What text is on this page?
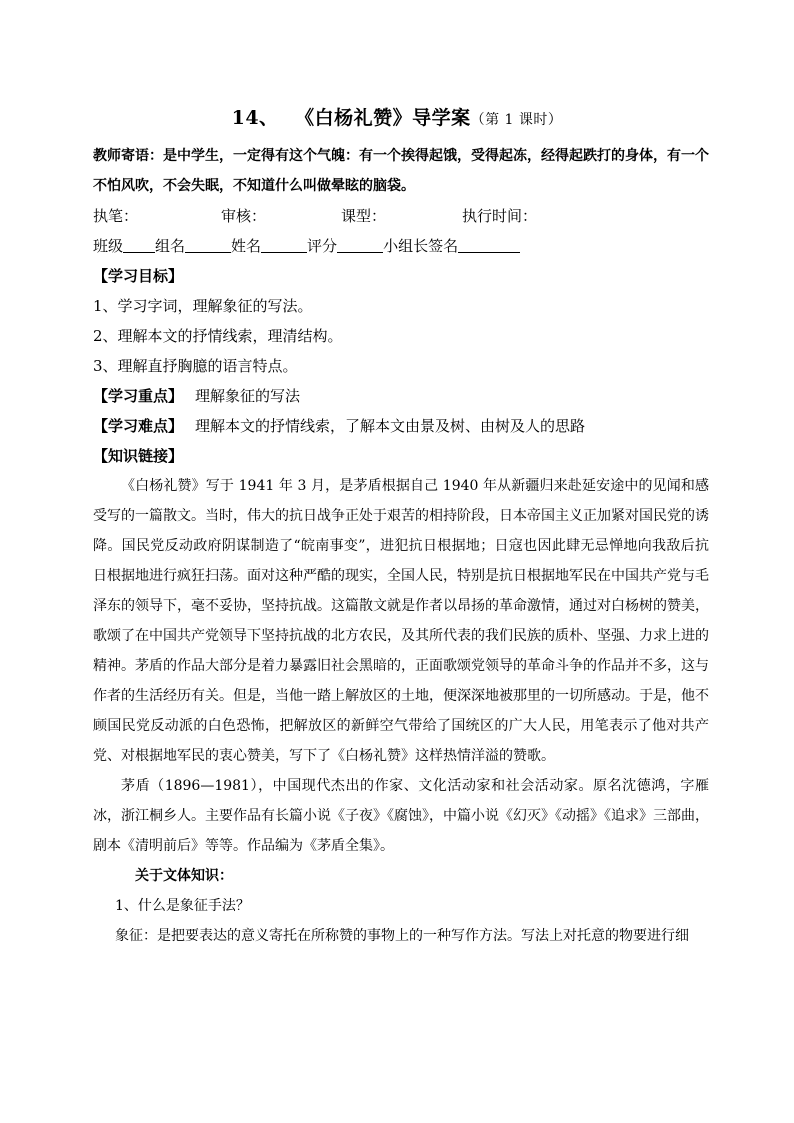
14、 《白杨礼赞》导学案（第 1 课时）
教师寄语：是中学生，一定得有这个气魄：有一个挨得起饿，受得起冻，经得起跌打的身体，有一个不怕风吹，不会失眠，不知道什么叫做晕眩的脑袋。
执笔：	审核：	课型：	执行时间：
班级 组名	姓名	评分	小组长签名
【学习目标】
1、学习字词，理解象征的写法。
2、理解本文的抒情线索，理清结构。
3、理解直抒胸臆的语言特点。
【学习重点】 理解象征的写法
【学习难点】 理解本文的抒情线索，了解本文由景及树、由树及人的思路
【知识链接】
《白杨礼赞》写于 1941 年 3 月，是茅盾根据自己 1940 年从新疆归来赴延安途中的见闻和感受写的一篇散文。当时，伟大的抗日战争正处于艰苦的相持阶段，日本帝国主义正加紧对国民党的诱降。国民党反动政府阴谋制造了“皖南事变”，进犯抗日根据地；日寇也因此肆无忌惮地向我敌后抗日根据地进行疯狂扫荡。面对这种严酷的现实，全国人民，特别是抗日根据地军民在中国共产党与毛泽东的领导下，毫不妥协，坚持抗战。这篇散文就是作者以昂扬的革命激情，通过对白杨树的赞美，歌颂了在中国共产党领导下坚持抗战的北方农民，及其所代表的我们民族的质朴、坚强、力求上进的精神。茅盾的作品大部分是着力暴露旧社会黑暗的，正面歌颂党领导的革命斗争的作品并不多，这与作者的生活经历有关。但是，当他一踏上解放区的土地，便深深地被那里的一切所感动。于是，他不顾国民党反动派的白色恐怖，把解放区的新鲜空气带给了国统区的广大人民，用笔表示了他对共产党、对根据地军民的衷心赞美，写下了《白杨礼赞》这样热情洋溢的赞歌。
茅盾（1896—1981），中国现代杰出的作家、文化活动家和社会活动家。原名沈德鸿，字雁冰，浙江桐乡人。主要作品有长篇小说《子夜》《腐蚀》，中篇小说《幻灭》《动摇》《追求》三部曲，剧本《清明前后》等等。作品编为《茅盾全集》。
关于文体知识：
1、什么是象征手法？
象征：是把要表达的意义寄托在所称赞的事物上的一种写作方法。写法上对托意的物要进行细
